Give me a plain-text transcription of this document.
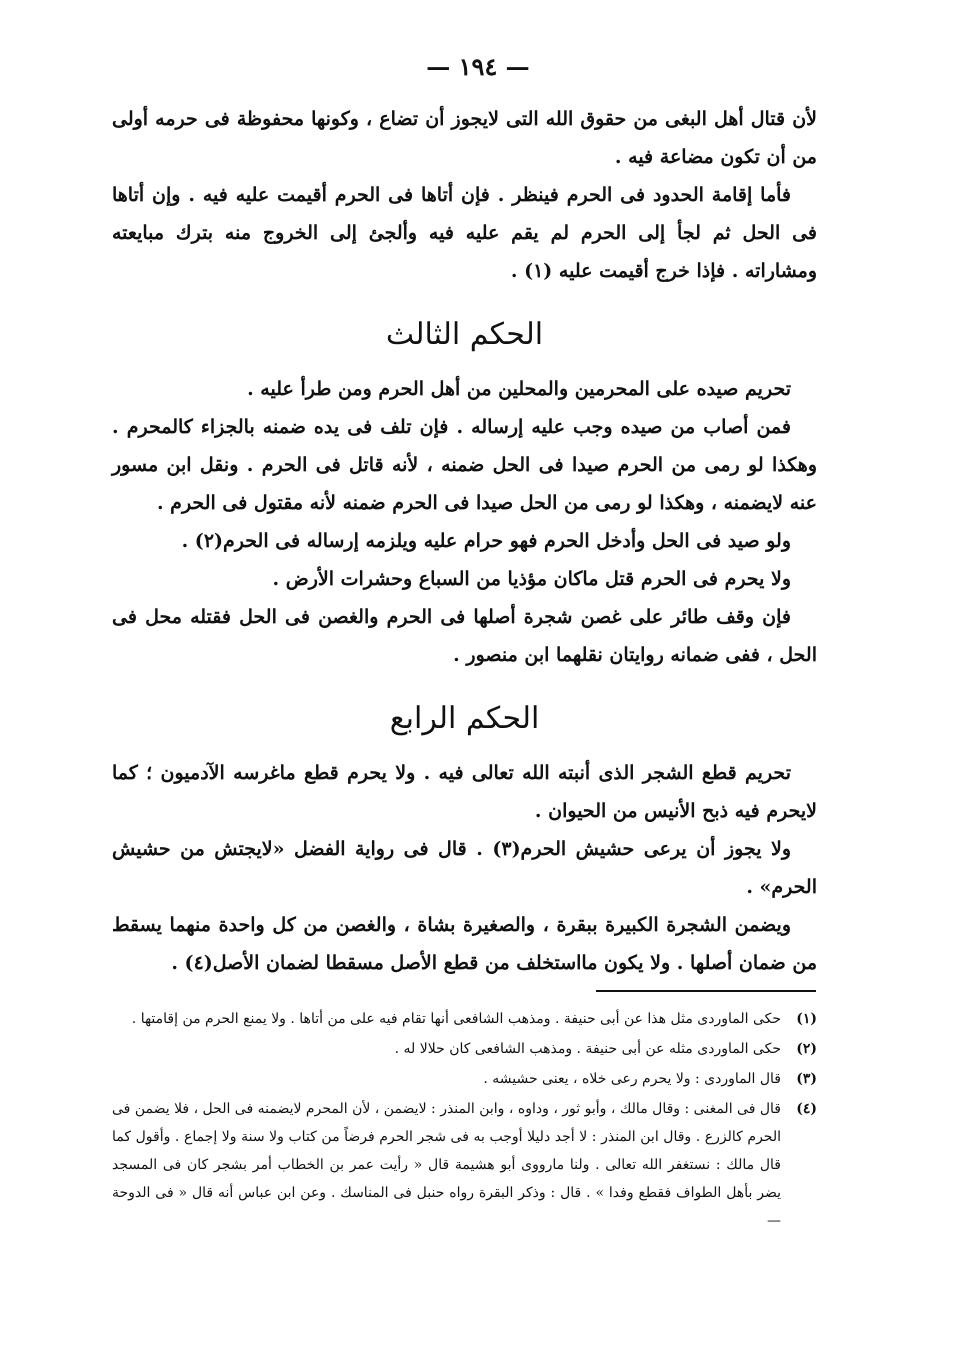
— ١٩٤ —

لأن قتال أهل البغى من حقوق الله التى لايجوز أن تضاع ، وكونها محفوظة فى حرمه أولى من أن تكون مضاعة فيه .

فأما إقامة الحدود فى الحرم فينظر . فإن أتاها فى الحرم أقيمت عليه فيه . وإن أتاها فى الحل ثم لجأ إلى الحرم لم يقم عليه فيه وألجئ إلى الخروج منه بترك مبايعته ومشاراته . فإذا خرج أقيمت عليه (١) .

الحكم الثالث

تحريم صيده على المحرمين والمحلين من أهل الحرم ومن طرأ عليه .

فمن أصاب من صيده وجب عليه إرساله . فإن تلف فى يده ضمنه بالجزاء كالمحرم . وهكذا لو رمى من الحرم صيدا فى الحل ضمنه ، لأنه قاتل فى الحرم . ونقل ابن مسور عنه لايضمنه ، وهكذا لو رمى من الحل صيدا فى الحرم ضمنه لأنه مقتول فى الحرم .

ولو صيد فى الحل وأدخل الحرم فهو حرام عليه ويلزمه إرساله فى الحرم(٢) .

ولا يحرم فى الحرم قتل ماكان مؤذيا من السباع وحشرات الأرض .

فإن وقف طائر على غصن شجرة أصلها فى الحرم والغصن فى الحل فقتله محل فى الحل ، ففى ضمانه روايتان نقلهما ابن منصور .

الحكم الرابع

تحريم قطع الشجر الذى أنبته الله تعالى فيه . ولا يحرم قطع ماغرسه الآدميون ؛ كما لايحرم فيه ذبح الأنيس من الحيوان .

ولا يجوز أن يرعى حشيش الحرم(٣) . قال فى رواية الفضل «لايجتش من حشيش الحرم» .

ويضمن الشجرة الكبيرة ببقرة ، والصغيرة بشاة ، والغصن من كل واحدة منهما يسقط من ضمان أصلها . ولا يكون مااستخلف من قطع الأصل مسقطا لضمان الأصل(٤) .

(١)
حكى الماوردى مثل هذا عن أبى حنيفة . ومذهب الشافعى أنها تقام فيه على من أتاها . ولا يمنع الحرم من إقامتها .
(٢)
حكى الماوردى مثله عن أبى حنيفة . ومذهب الشافعى كان حلالا له .
(٣)
قال الماوردى : ولا يحرم رعى خلاه ، يعنى حشيشه .
(٤)
قال فى المغنى : وقال مالك ، وأبو ثور ، وداوه ، وابن المنذر : لايضمن ، لأن المحرم لايضمنه فى الحل ، فلا يضمن فى الحرم كالزرع . وقال ابن المنذر : لا أجد دليلا أوجب به فى شجر الحرم فرضاً من كتاب ولا سنة ولا إجماع . وأقول كما قال مالك : نستغفر الله تعالى . ولنا مارووى أبو هشيمة قال « رأيت عمر بن الخطاب أمر بشجر كان فى المسجد يضر بأهل الطواف فقطع وفدا » . قال : وذكر البقرة رواه حنبل فى المناسك . وعن ابن عباس أنه قال « فى الدوحة —
